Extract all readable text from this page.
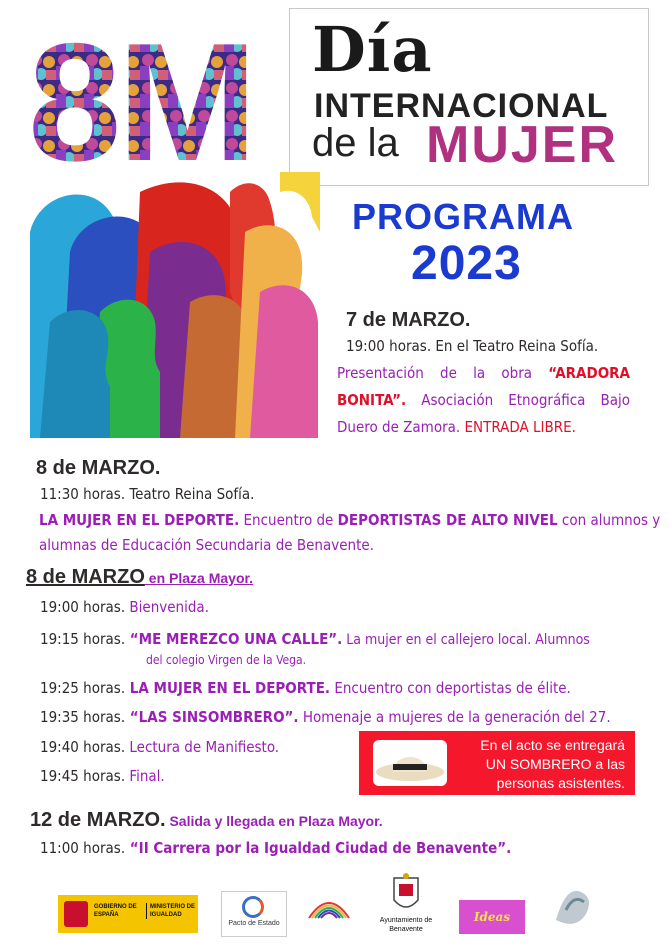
Día
INTERNACIONAL
de la MUJER
PROGRAMA
2023
7 de MARZO.
19:00 horas. En el Teatro Reina Sofía.
Presentación de la obra “ARADORA
BONITA”. Asociación Etnográfica Bajo
Duero de Zamora. ENTRADA LIBRE.
8 de MARZO.
11:30 horas. Teatro Reina Sofía.
LA MUJER EN EL DEPORTE. Encuentro de DEPORTISTAS DE ALTO NIVEL con alumnos y
alumnas de Educación Secundaria de Benavente.
8 de MARZO en Plaza Mayor.
19:00 horas. Bienvenida.
19:15 horas. “ME MEREZCO UNA CALLE”. La mujer en el callejero local. Alumnos
del colegio Virgen de la Vega.
19:25 horas. LA MUJER EN EL DEPORTE. Encuentro con deportistas de élite.
19:35 horas. “LAS SINSOMBRERO”. Homenaje a mujeres de la generación del 27.
19:40 horas. Lectura de Manifiesto.
19:45 horas. Final.
En el acto se entregará
UN SOMBRERO a las
personas asistentes.
12 de MARZO. Salida y llegada en Plaza Mayor.
11:00 horas. “II Carrera por la Igualdad Ciudad de Benavente”.
GOBIERNO DE ESPAÑA
MINISTERIO DE IGUALDAD
Pacto de Estado	Ayuntamiento de Benavente
Ideas
